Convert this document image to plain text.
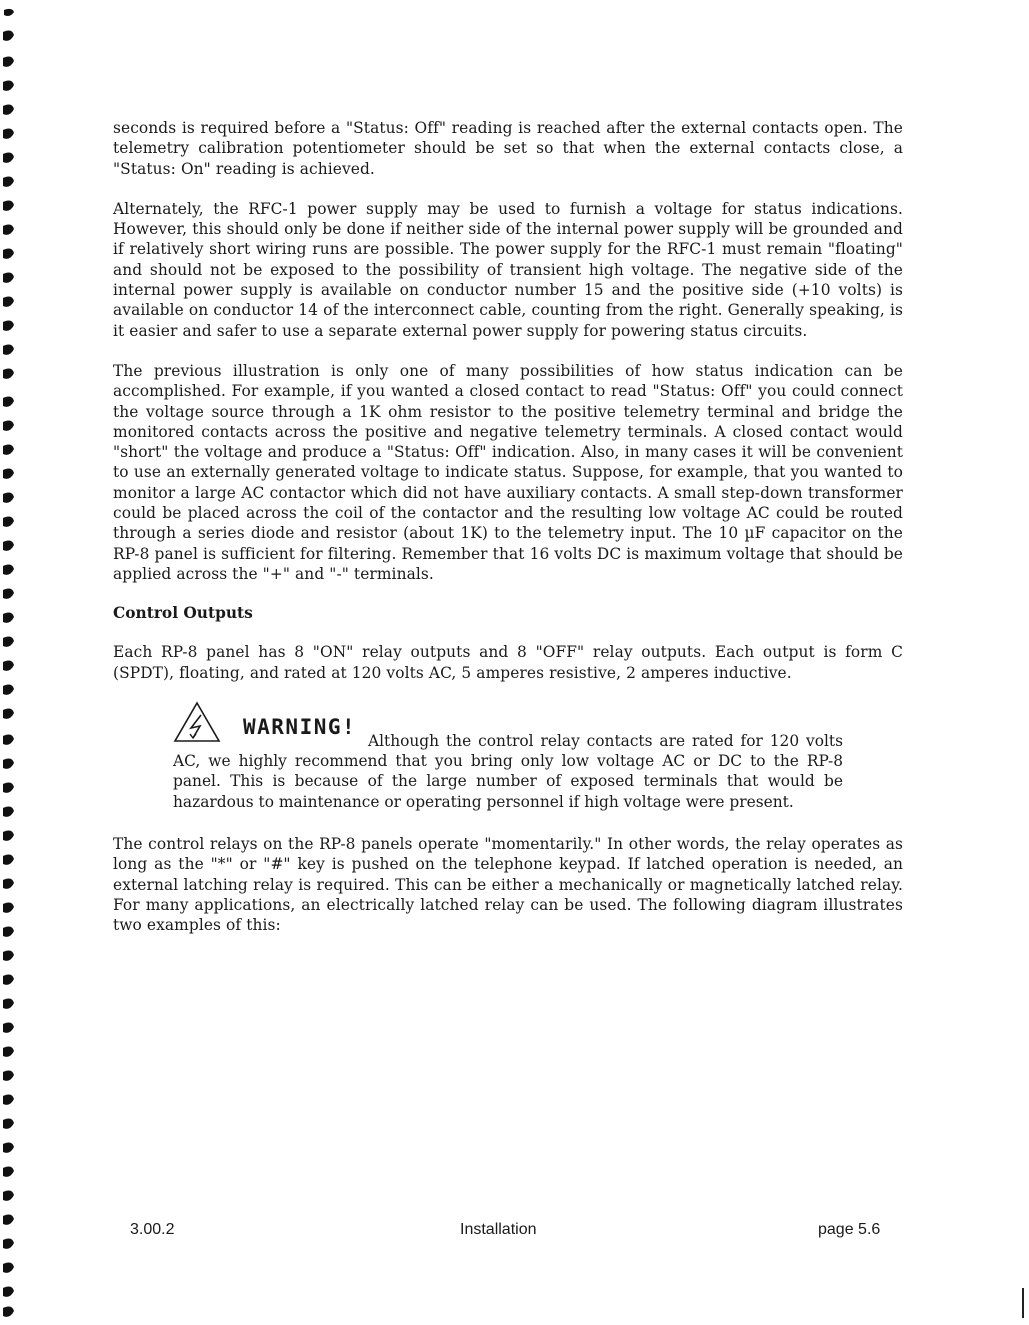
seconds is required before a "Status: Off" reading is reached after the external contacts open. The telemetry calibration potentiometer should be set so that when the external contacts close, a "Status: On" reading is achieved.

Alternately, the RFC-1 power supply may be used to furnish a voltage for status indications. However, this should only be done if neither side of the internal power supply will be grounded and if relatively short wiring runs are possible. The power supply for the RFC-1 must remain "floating" and should not be exposed to the possibility of transient high voltage. The negative side of the internal power supply is available on conductor number 15 and the positive side (+10 volts) is available on conductor 14 of the interconnect cable, counting from the right. Generally speaking, is it easier and safer to use a separate external power supply for powering status circuits.

The previous illustration is only one of many possibilities of how status indication can be accomplished. For example, if you wanted a closed contact to read "Status: Off" you could connect the voltage source through a 1K ohm resistor to the positive telemetry terminal and bridge the monitored contacts across the positive and negative telemetry terminals. A closed contact would "short" the voltage and produce a "Status: Off" indication. Also, in many cases it will be convenient to use an externally generated voltage to indicate status. Suppose, for example, that you wanted to monitor a large AC contactor which did not have auxiliary contacts. A small step-down transformer could be placed across the coil of the contactor and the resulting low voltage AC could be routed through a series diode and resistor (about 1K) to the telemetry input. The 10 µF capacitor on the RP-8 panel is sufficient for filtering. Remember that 16 volts DC is maximum voltage that should be applied across the "+" and "-" terminals.

Control Outputs

Each RP-8 panel has 8 "ON" relay outputs and 8 "OFF" relay outputs. Each output is form C (SPDT), floating, and rated at 120 volts AC, 5 amperes resistive, 2 amperes inductive.

WARNING!

Although the control relay contacts are rated for 120 volts AC, we highly recommend that you bring only low voltage AC or DC to the RP-8 panel. This is because of the large number of exposed terminals that would be hazardous to maintenance or operating personnel if high voltage were present.

The control relays on the RP-8 panels operate "momentarily." In other words, the relay operates as long as the "*" or "#" key is pushed on the telephone keypad. If latched operation is needed, an external latching relay is required. This can be either a mechanically or magnetically latched relay. For many applications, an electrically latched relay can be used. The following diagram illustrates two examples of this:

3.00.2	Installation	page 5.6
